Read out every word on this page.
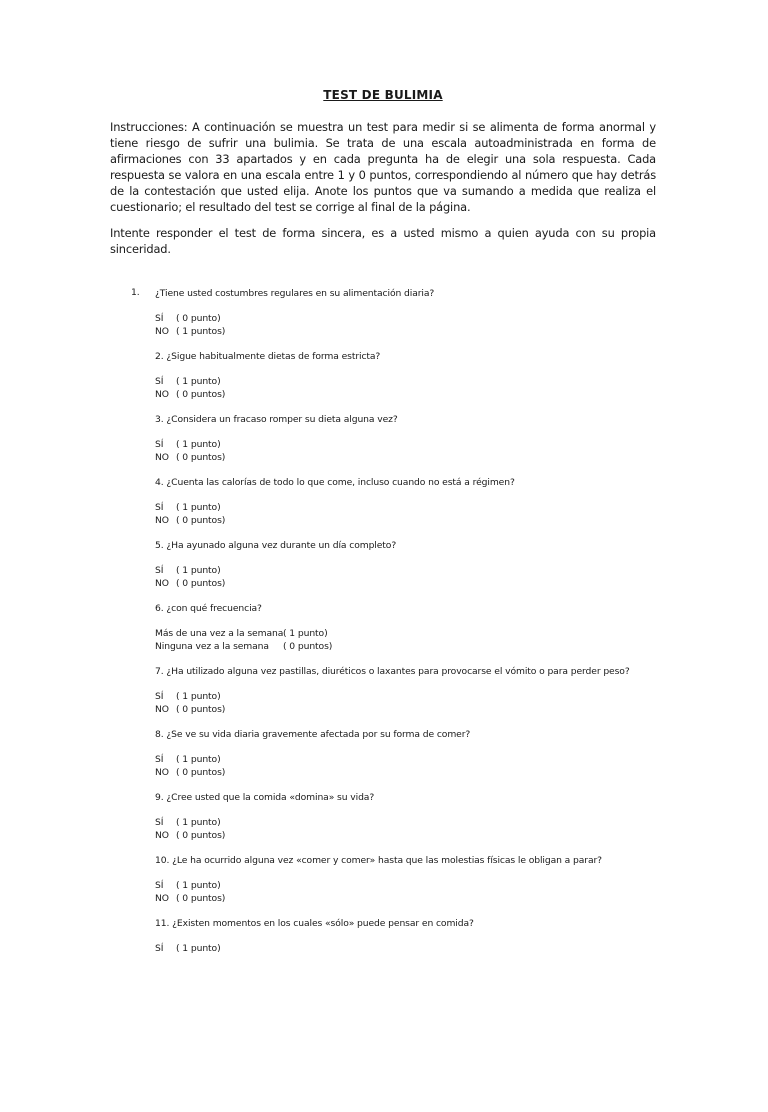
TEST DE BULIMIA

Instrucciones: A continuación se muestra un test para medir si se alimenta de forma anormal y tiene riesgo de sufrir una bulimia. Se trata de una escala autoadministrada en forma de afirmaciones con 33 apartados y en cada pregunta ha de elegir una sola respuesta. Cada respuesta se valora en una escala entre 1 y 0 puntos, correspondiendo al número que hay detrás de la contestación que usted elija. Anote los puntos que va sumando a medida que realiza el cuestionario; el resultado del test se corrige al final de la página.

Intente responder el test de forma sincera, es a usted mismo a quien ayuda con su propia sinceridad.

1. ¿Tiene usted costumbres regulares en su alimentación diaria?
SÍ ( 0 punto)
NO ( 1 puntos)
2. ¿Sigue habitualmente dietas de forma estricta?
SÍ ( 1 punto)
NO ( 0 puntos)
3. ¿Considera un fracaso romper su dieta alguna vez?
SÍ ( 1 punto)
NO ( 0 puntos)
4. ¿Cuenta las calorías de todo lo que come, incluso cuando no está a régimen?
SÍ ( 1 punto)
NO ( 0 puntos)
5. ¿Ha ayunado alguna vez durante un día completo?
SÍ ( 1 punto)
NO ( 0 puntos)
6. ¿con qué frecuencia?
Más de una vez a la semana( 1 punto)
Ninguna vez a la semana ( 0 puntos)
7. ¿Ha utilizado alguna vez pastillas, diuréticos o laxantes para provocarse el vómito o para perder peso?
SÍ ( 1 punto)
NO ( 0 puntos)
8. ¿Se ve su vida diaria gravemente afectada por su forma de comer?
SÍ ( 1 punto)
NO ( 0 puntos)
9. ¿Cree usted que la comida «domina» su vida?
SÍ ( 1 punto)
NO ( 0 puntos)
10. ¿Le ha ocurrido alguna vez «comer y comer» hasta que las molestias físicas le obligan a parar?
SÍ ( 1 punto)
NO ( 0 puntos)
11. ¿Existen momentos en los cuales «sólo» puede pensar en comida?
SÍ ( 1 punto)
